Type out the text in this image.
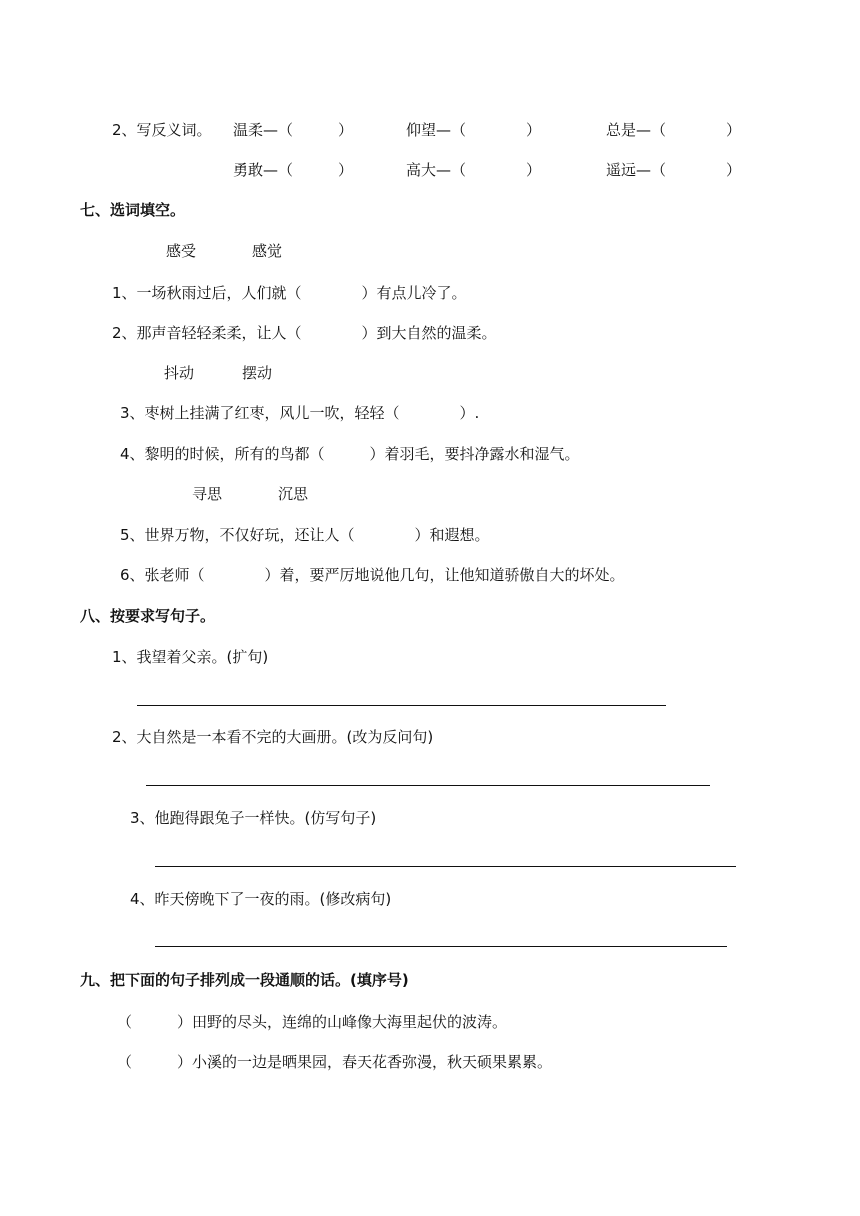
2、写反义词。 温柔—（　　　）	仰望—（　　　　）	总是—（　　　　）
勇敢—（　　　）	高大—（　　　　）	遥远—（　　　　）
七、选词填空。
感受	感觉
1、一场秋雨过后，人们就（　　　　）有点儿冷了。
2、那声音轻轻柔柔，让人（　　　　）到大自然的温柔。
抖动	摆动
3、枣树上挂满了红枣，风儿一吹，轻轻（　　　　）.
4、黎明的时候，所有的鸟都（　　　）着羽毛，要抖净露水和湿气。
寻思	沉思
5、世界万物，不仅好玩，还让人（　　　　）和遐想。
6、张老师（　　　　）着，要严厉地说他几句，让他知道骄傲自大的坏处。
八、按要求写句子。
1、我望着父亲。(扩句)
2、大自然是一本看不完的大画册。(改为反问句)
3、他跑得跟兔子一样快。(仿写句子)
4、昨天傍晚下了一夜的雨。(修改病句)
九、把下面的句子排列成一段通顺的话。(填序号)
（　　　）田野的尽头，连绵的山峰像大海里起伏的波涛。
（　　　）小溪的一边是晒果园，春天花香弥漫，秋天硕果累累。
